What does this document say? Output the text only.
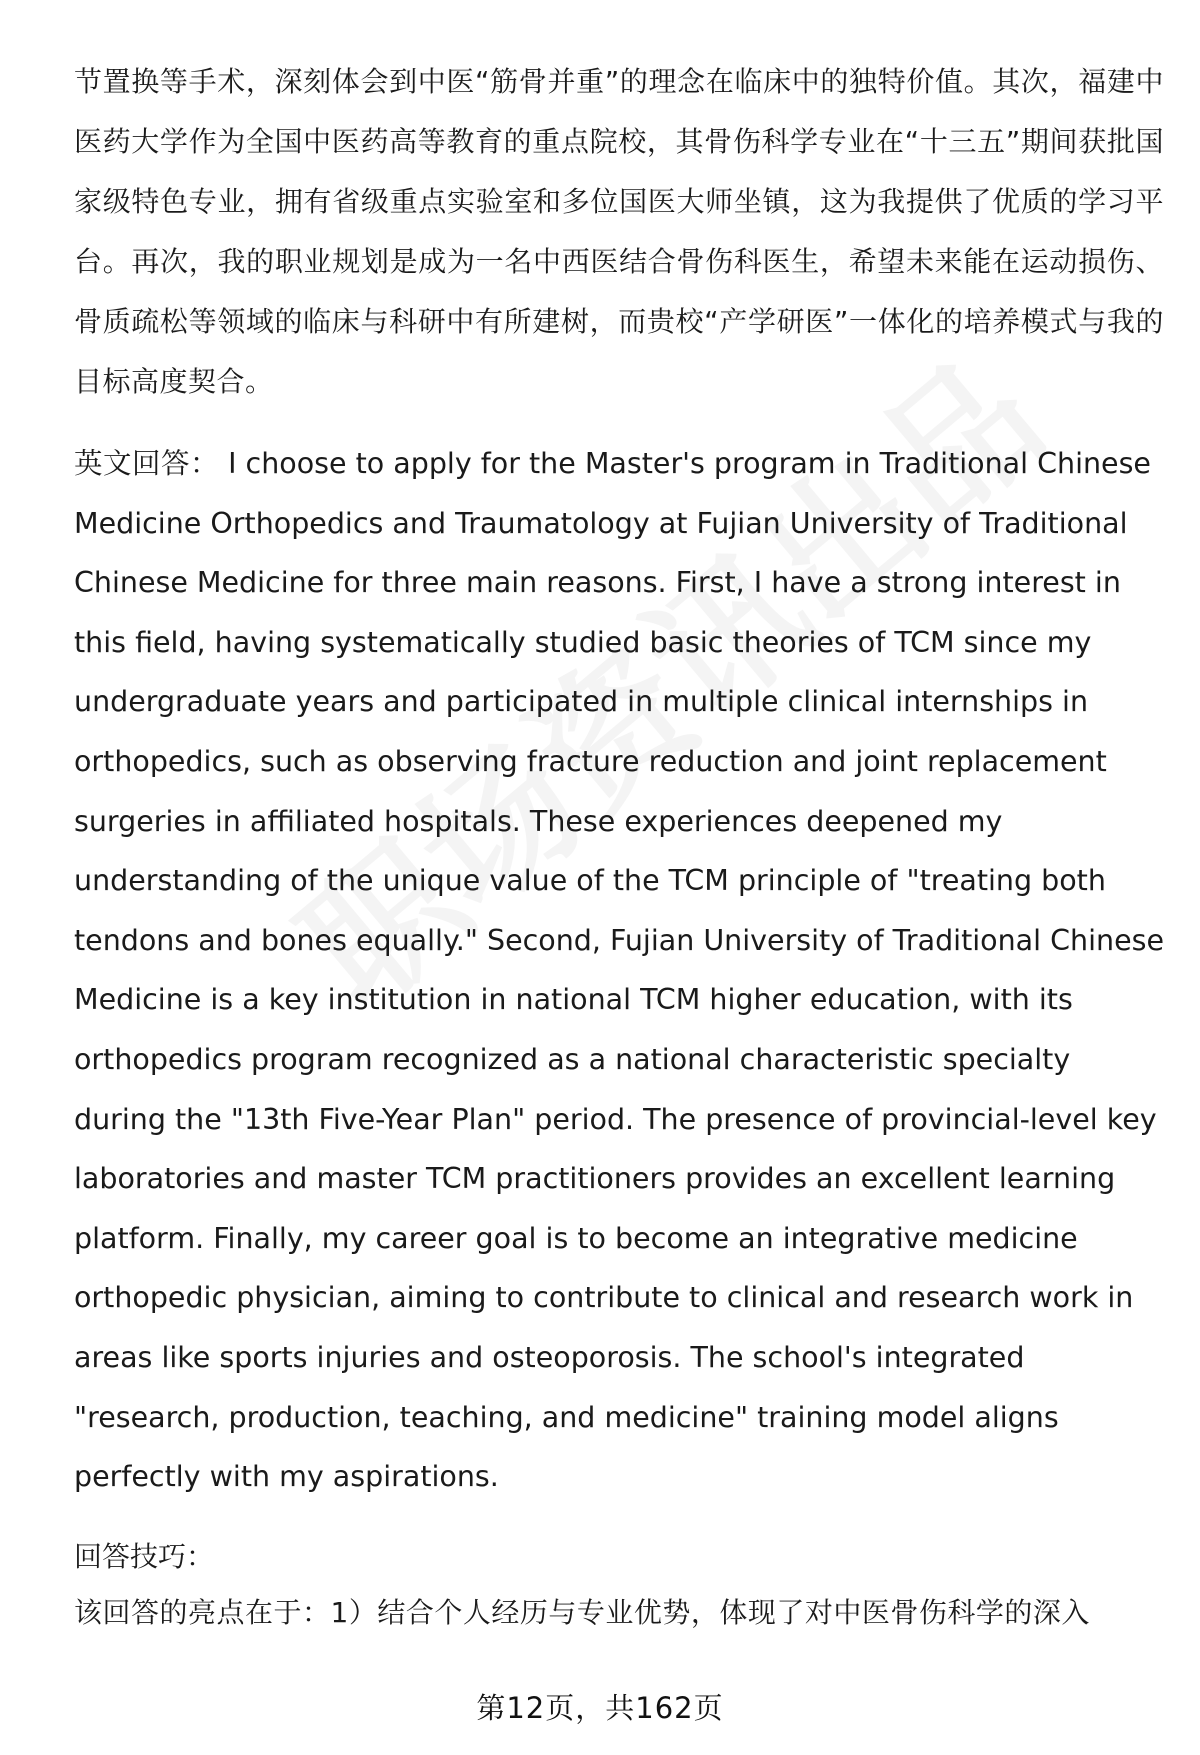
节置换等手术，深刻体会到中医“筋骨并重”的理念在临床中的独特价值。其次，福建中医药大学作为全国中医药高等教育的重点院校，其骨伤科学专业在“十三五”期间获批国家级特色专业，拥有省级重点实验室和多位国医大师坐镇，这为我提供了优质的学习平台。再次，我的职业规划是成为一名中西医结合骨伤科医生，希望未来能在运动损伤、骨质疏松等领域的临床与科研中有所建树，而贵校“产学研医”一体化的培养模式与我的目标高度契合。

英文回答： I choose to apply for the Master's program in Traditional Chinese Medicine Orthopedics and Traumatology at Fujian University of Traditional Chinese Medicine for three main reasons. First, I have a strong interest in this field, having systematically studied basic theories of TCM since my undergraduate years and participated in multiple clinical internships in orthopedics, such as observing fracture reduction and joint replacement surgeries in affiliated hospitals. These experiences deepened my understanding of the unique value of the TCM principle of "treating both tendons and bones equally." Second, Fujian University of Traditional Chinese Medicine is a key institution in national TCM higher education, with its orthopedics program recognized as a national characteristic specialty during the "13th Five-Year Plan" period. The presence of provincial-level key laboratories and master TCM practitioners provides an excellent learning platform. Finally, my career goal is to become an integrative medicine orthopedic physician, aiming to contribute to clinical and research work in areas like sports injuries and osteoporosis. The school's integrated "research, production, teaching, and medicine" training model aligns perfectly with my aspirations.

回答技巧：

该回答的亮点在于：1）结合个人经历与专业优势，体现了对中医骨伤科学的深入

第12页，共162页
